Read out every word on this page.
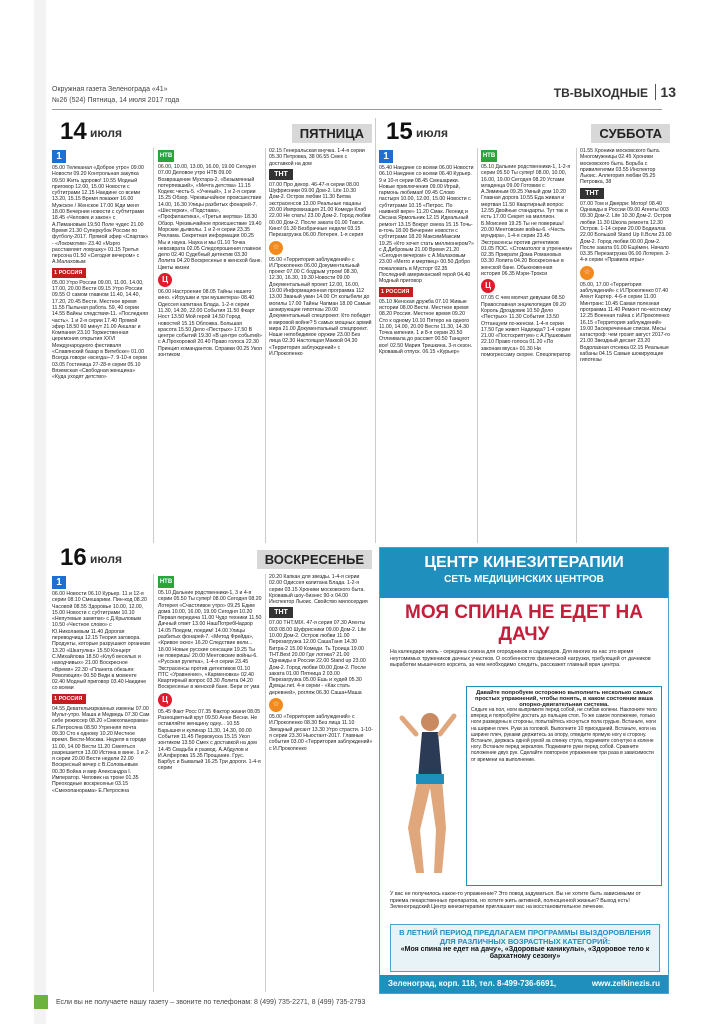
Окружная газета Зеленограда «41»
№26 (524) Пятница, 14 июля 2017 года
ТВ-ВЫХОДНЫЕ 13
14 июля	ПЯТНИЦА
1
05.00 Телеканал «Доброе утро» 09.00 Новости 09.20 Контрольная закупка 09.50 Жить здорово! 10.55 Модный приговор 12.00, 15.00 Новости с субтитрами 12.15 Наедине со всеми 13.20, 15.15 Время покажет 16.00 Мужское / Женское 17.00 Жди меня 18.00 Вечерние новости с субтитрами 18.45 «Человек и закон» с А.Пимановым 19.50 Поле чудес 21.00 Время 21.30 Суперкубок России по футболу-2017. Прямой эфир «Спартак» - «Локомотив» 23.40 «Мэрго расставляет ловушку» 01.15 Третья персона 01.50 «Сегодня вечером» с А.Малаховым
1 РОССИЯ
05.00 Утро России 09.00, 11.00, 14.00, 17.00, 20.00 Вести 09.15 Утро России 09.55 О самом главном 11.40, 14.40, 17.20, 20.45 Вести. Местное время 11.55 Пыльная работа. 59, 40 серии 14.55 Вайны следствия-11. «Последняя часть». 1 и 2-я серии 17.40 Прямой эфир 18.50 60 минут 21.00 Аншлаг и Компания 23.10 Торжественная церемония открытия XXVI Международного фестиваля «Славянский базар в Витебске» 01.00 Всегда говори «всегда»-7. 9-10-я серии 03.05 Гостиница 27-28-я серии 05.10 Вяземская «Свободная женщина» «Куда уходят детство»
НТВ
06.00, 10.00, 13.00, 16.00, 19.00 Сегодня 07.00 Деловое утро НТВ 09.00 Возвращение Мухтара-2. «Безымянный потерпевший», «Мечта детства» 11.15 Кодекс честь-5. «Ученый», 1 и 2-я серии 15.25 Обзор. Чрезвычайное происшествие 14.00, 16.30 Улицы разбитых фонарей-7. «Шестерки», «Подстава», «Профилактика», «Третья жертва» 18.30 Обзор. Чрезвычайное происшествие 19.40 Морские дьяволы. 1 и 2-я серии 23.35 Реклама. Секретная информация 00.25 Мы и наука. Наука и мы 01.10 Точка невозврата 02.05 Следопрошения главное дело 02.40 Судебный детектив 03.30 Лолита 04.20 Воскресенье в женской бане. Цветы жизни
Ц
06.00 Настроение 08.05 Тайны нашего кино. «Игрушки и три мушкетера» 08.40 Одессея капитана Блада. 1-2-я серии 11.30, 14.30, 22.00 События 11.50 Фкарт Ност 13.50 Мой герой 14.50 Город новостей 15.15 Обложка. Большая красота 15.50 Дело «Пестрых» 17.50 В центре событий 19.30 «В центре событий» с А.Прохоровой 20.40 Право голоса 22.30 Принцип командантов. Справки 00.25 Укол зонтиком
02.15 Генеральская внучка. 1-4-я серии 05.30 Петровка, 38 06.55 Смех с доставкой на дом
ТНТ
07.00 Про декор. 46-47-я серии 08.00 Шуфрисники 09.00 Дом-2. Lite 10.30 Дом-2. Остров любви 11.30 Битва экстрасенсов 13.00 Реальные пацаны 20.00 Импровизация 21.00 Комеди Клаб 22.00 Не спать! 23.00 Дом-2. Город любви 00.00 Дом-2. После заката 01.00 Такси. Кино! 01.30 Безбрачные недели 03.15 Перезагрузка 06.00 Лотерея. 1-я серия
☆
05.00 «Территория заблуждений» с И.Прокопенко 06.00 Документальный проект 07.00 С бодрым утром! 08.30, 12.30, 16.30, 19.30 Новости 09.00 Документальный проект 12.00, 16.00, 19.00 Информационная программа 112 13.00 Званый ужин 14.00 От колыбели до могилы 17.00 Тайны Чапман 18.00 Самые шокирующие гипотезы 20.00 Документальный спецпроект. Кто победит в мировой войне? 5 самых мощных армий мира 21.00 Документальный спецпроект. Наше непобедимое оружие 23.00 Без лица 02.30 Настоящая Маккой 04.30 «Территория заблуждений» с И.Прокопенко
15 июля	СУББОТА
1
05.40 Наедине со всеми 06.00 Новости 06.10 Наедине со всеми 06.40 Курьер. 9 и 10-я серии 08.45 Смешарики. Новые приключения 09.00 Играй, гармонь любимая! 09.45 Слово пастыря 10.00, 12.00, 15.00 Новости с субтитрами 10.15 «Петрос. По наивной вере» 11.20 Смак. Леонид и Оксана Ярмольник 12.15 Идеальный ремонт 13.15 Вокруг смеха 15.15 Точь-в-точь 18.00 Вечерние новости с субтитрами 18.20 МаксимМаксим 19.25 «Кто хочет стать миллионером?» с Д.Дибровым 21.00 Время 21.20 «Сегодня вечером» с А.Малаховым 23.00 «Мегго и мертвец» 00.50 Добро пожаловать в Мусторт 02.35 Последний американский герой 04.40 Модный приговор
1 РОССИЯ
05.10 Женская дружба 07.10 Живые истории 08.00 Вести. Местное время 08.20 Россия. Местное время 09.20 Сто к одному 10.10 Пятеро на одного 11.00, 14.00, 20.00 Вести 11.30, 14.30 Точка кипения. 1 и 8-я серии 20.50 Отлеивала до рассвет 00.50 Танцуют все! 02.50 Мария Трешкина. 3-я сезон. Кровавый отпуск. 06.15 «Курьер»
НТВ
05.10 Дальние родственники-1, 1-2-я серии 05.50 Ты супер! 08.00, 10.00, 16.00, 19.00 Сегодня 08.20 Устами младенца 09.00 Готовим с А.Зиминым 09.25 Умный дом 10.20 Главная дорога 10.55 Еда живая и мертвая 11.50 Квартирный вопрос 12.55 Двойные стандарты. Тут так и есть 17.00 Секрет на миллион. Б.Моисеев 19.25 Ты не поверишь! 20.00 Ментовские войны-6. «Честь мундира», 1-4-я серии 23.45 Экстрасенсы против детективов 01.05 ПОС. «Стоматолог в утреннем» 02.35 Прикрати Дома Романовых 03.30 Лолита 04.20 Воскресенье в женской бане. Обыкновенная история 06.35 Мэри-Трокси
Ц
07.05 С чем молчат девушки 08.50 Православная энциклопедия 09.20 Король Дроздовик 10.50 Дело «Пестрых» 11.30 События 13.50 Оттанцуем по-женски. 1-4-я серии 17.50 Где живет Надежда? 1-4 серии 21.00 «Постскриптум» с А.Пушковым 22.10 Право голоса 01.20 «По законам вкуса» 01.30 Ни помогрессаму скорее. Спецоператор
01.55 Хроники московского быта. Многомужницы 02.45 Хроники московского быта. Борьба с привилегиями 03.55 Инспектор Льюис. Аллегория любви 05.25 Петровка, 38
ТНТ
07.00 Том и Джерри: Мотор! 08.40 Однажды в России 09.00 Агенты 003 09.30 Дом-2. Lite 10.30 Дом-2. Остров любви 11.30 Школа ремонта 12.30 Остров. 1-14 серии 20.00 Бодиалза 22.00 Большой Stand Up II.Всли 23.00 Дом-2. Город любви 00.00 Дом-2. После заката 01.00 Ещёмен. Начало 03.35 Перезагрузка 06.00 Лотерея. 2-4-я серии «Правила игры»
☆
05.00, 17.00 «Территория заблуждений» с И.Прокопенко 07.40 Агент Картер. 4-6-я серии 11.00 Минтранс 10.45 Самая полезная программа 11.40 Ремонт по-честному 12.25 Военная тайна с И.Прокопенко 16.15 «Территория заблуждений» 19.00 Засекреченные списки. Месы катастроф: чем грозит август 2017-го 21.00 Звездный десант 23.20 Водолазная отсевка 02.15 Реальные кабаны 04.15 Самые шокирующие гипотезы
16 июля	ВОСКРЕСЕНЬЕ
1
06.00 Новости 06.10 Курьер. 11 и 12-я серии 08.10 Смешарики. Пин-код 08.20 Часовой 08.55 Здоровье 10.00, 12.00, 15.00 Новости с субтитрами 10.10 «Непутевые заметки» с Д.Крыловым 10.50 «Честное слово» с Ю.Николаевым 11.40 Дорогая переводчица 12.15 Теория заговора. Продукты, которые разрушают организм 13.20 «Шкатулка» 15.50 Концерт С.Михайлова 18.50 «Клуб веселых и находчивых» 21.00 Воскресное «Время» 22.30 «Планета обезьян: Революция» 00.50 Веди в моменте 02.40 Модный приговор 03.40 Наедине со всеми
1 РОССИЯ
04.55 Девательизрканных измены 07.00 Мульт-утро. Маша и Медведь 07.30 Сам себе режиссер 08.20 «Смехопанорама» Е.Петросяна 08.50 Утренняя почта 09.30 Сто к одному 10.20 Местное время. Вести-Москва. Неделя в городе 11.00, 14.00 Вести 11.20 Смеяться разрешается 13.00 Истина в вине. 1 и 2-я серии 20.00 Вести недели 22.00 Воскресный вечер с В.Соловьевым 00.30 Война и мир Александра I. Император. Человек на троне 01.35 Преоходные воскресенье 03.15 «Смехопанорама» Е.Петросяна
НТВ
05.10 Дальние родственники-1, 3 и 4-я серии 05.50 Ты супер! 08.00 Сегодня 08.20 Лотерея «Счастливое утро» 09.25 Едим дома 10.00, 16.00, 19.00 Сегодня 10.20 Первая передача 11.00 Чудо техники 11.50 Дачный ответ 13.00 НашПотребНадзор 14.05 Поедем, поедим! 14.00 Улицы разбитых фонарей-7. «Метод Фрейда», «Кривое окно» 16.20 Следствие вели... 18.00 Новые русские сенсации 19.25 Ты не поверишь! 20.00 Ментовские войны-6. «Русская рулетка», 1-4-я серии 23.45 Экстрасенсы против детективов 01.10 ПТС «Уравнение», «Карменовка» 02.40 Квартирный вопрос 03.30 Лолита 04.20 Воскресенье в женской бане. Бери от ума
Ц
05.45 Факт Росс 07.35 Фактор жизни 08.05 Разноцветный круг 09.50 Анне Весни. Не оставляйте женщину одну... 10.55 Барышня и кулинар 11.30, 14.30, 00.00 События 11.45 Первокуска 15.15 Укол зонтиком 13.50 Смех с доставкой на дом 14.45 Свадьба и развод. А.Абдулов и И.Алферова 15.35 Прощание. Грус. Барбус и Бывалый 16.25 Три дороги. 1-4-я серии
20.20 Капкан для звезды. 1-4-я серии 02.00 Одиссея капитана Блада. 1-2-я серии 03.15 Хроники московского быта. Кровавый шоу-бизнес 90-х 04.00 Инспектор Льюис. Свойство милосердия
ТНТ
07.00 ТНТ.MIX. 47-я серия 07.30 Агенты 003 08.00 Шуфрисники 09.00 Дом-2. Lite 10.00 Дом-2. Остров любви 11.00 Перезагрузка 12.00 СашаТаня 14.30 Битра-2 15.00 Комеди. Ть Троица 19.00 ТНТ.Best 20.00 Где логика? 21.00 Однажды в России 22.00 Stand up 23.00 Дом-2. Город любви 00.00 Дом-2. После заката 01.00 Пятница 2 03.00 Перезагрузка 05.00 Ешь и худей 05.30 Думцы.net. 4-я серии - «Как стать деревней», рогляж 06.30 Саша+Маша
☆
05.00 «Территория заблуждений» с И.Прокопенко 08.30 Без лица 11.10 Звездный десант 13.30 Утро страсти. 1-10-я серии 23.30 Ньюстант-2017. Главные события 03.00 «Территория заблуждений» с И.Прокопенко
ЦЕНТР КИНЕЗИТЕРАПИИ
СЕТЬ МЕДИЦИНСКИХ ЦЕНТРОВ
МОЯ СПИНА НЕ ЕДЕТ НА ДАЧУ
На календаре июль - середина сезона для огородников и садоводов. Для многих из нас это время неутомимых тружеников дачных участков. О особенностях физической нагрузки, требующей от дачников выработки мышечного корсета, за чем необходимо следить, расскажет главный врач центра.
Давайте попробуем осторожно выполнить несколько самых простых упражнений, чтобы понять, в каком состоянии ваша опорно-двигательная система.
Сядьте на пол, ноги выпрямите перед собой, не сгибая колени. Наклоните тело вперед и попробуйте достать до пальцев стоп. То же самое положение, только ноги разведены в стороны, попытайтесь коснуться пола грудью. Встаньте, ноги на ширине плеч. Руки за головой. Выполните 10 приседаний. Встаньте, ноги на ширине плеч, руками держитесь за опору, отведите прямую ногу в сторону. Встаньте, держась одной рукой за спинку стула, поднимите согнутую в колене ногу. Встаньте перед зеркалом. Поднимите руки перед собой. Сравните положение двух рук. Сделайте повторное упражнение три раза в зависимости от времени на выполнение.
У вас не получилось какое-то упражнение? Это повод задуматься. Вы не хотите быть зависимыми от приема лекарственных препаратов, но хотите жить активной, полноценной жизнью? Выход есть! Зеленоградский Центр кинезитерапии приглашает вас на восстановительное лечение.
В ЛЕТНИЙ ПЕРИОД ПРЕДЛАГАЕМ ПРОГРАММЫ ВЫЗДОРОВЛЕНИЯ ДЛЯ РАЗЛИЧНЫХ ВОЗРАСТНЫХ КАТЕГОРИЙ:
«Моя спина не едет на дачу», «Здоровые каникулы», «Здоровое тело к бархатному сезону»
Зеленоград, корп. 118, тел. 8-499-736-6691,	www.zelkinezis.ru
Если вы не получаете нашу газету – звоните по телефонам: 8 (499) 735-2271, 8 (499) 735-2793
